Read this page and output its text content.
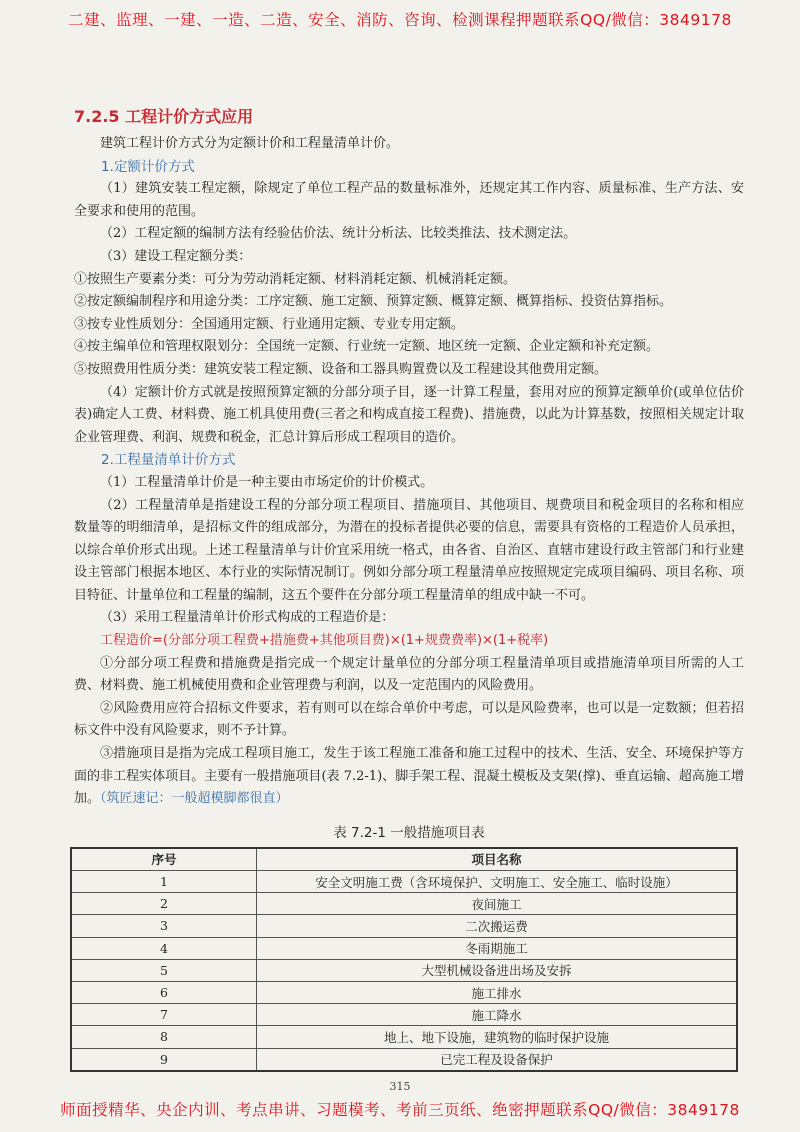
二建、监理、一建、一造、二造、安全、消防、咨询、检测课程押题联系QQ/微信：3849178
7.2.5 工程计价方式应用

建筑工程计价方式分为定额计价和工程量清单计价。

1.定额计价方式

（1）建筑安装工程定额，除规定了单位工程产品的数量标准外，还规定其工作内容、质量标准、生产方法、安全要求和使用的范围。

（2）工程定额的编制方法有经验估价法、统计分析法、比较类推法、技术测定法。

（3）建设工程定额分类：

①按照生产要素分类：可分为劳动消耗定额、材料消耗定额、机械消耗定额。

②按定额编制程序和用途分类：工序定额、施工定额、预算定额、概算定额、概算指标、投资估算指标。

③按专业性质划分：全国通用定额、行业通用定额、专业专用定额。

④按主编单位和管理权限划分：全国统一定额、行业统一定额、地区统一定额、企业定额和补充定额。

⑤按照费用性质分类：建筑安装工程定额、设备和工器具购置费以及工程建设其他费用定额。

（4）定额计价方式就是按照预算定额的分部分项子目，逐一计算工程量，套用对应的预算定额单价(或单位估价表)确定人工费、材料费、施工机具使用费(三者之和构成直接工程费)、措施费，以此为计算基数，按照相关规定计取企业管理费、利润、规费和税金，汇总计算后形成工程项目的造价。

2.工程量清单计价方式

（1）工程量清单计价是一种主要由市场定价的计价模式。

（2）工程量清单是指建设工程的分部分项工程项目、措施项目、其他项目、规费项目和税金项目的名称和相应数量等的明细清单，是招标文件的组成部分，为潜在的投标者提供必要的信息，需要具有资格的工程造价人员承担，以综合单价形式出现。上述工程量清单与计价宜采用统一格式，由各省、自治区、直辖市建设行政主管部门和行业建设主管部门根据本地区、本行业的实际情况制订。例如分部分项工程量清单应按照规定完成项目编码、项目名称、项目特征、计量单位和工程量的编制，这五个要件在分部分项工程量清单的组成中缺一不可。

（3）采用工程量清单计价形式构成的工程造价是：

工程造价=(分部分项工程费+措施费+其他项目费)×(1+规费费率)×(1+税率)

①分部分项工程费和措施费是指完成一个规定计量单位的分部分项工程量清单项目或措施清单项目所需的人工费、材料费、施工机械使用费和企业管理费与利润，以及一定范围内的风险费用。

②风险费用应符合招标文件要求，若有则可以在综合单价中考虑，可以是风险费率，也可以是一定数额；但若招标文件中没有风险要求，则不予计算。

③措施项目是指为完成工程项目施工，发生于该工程施工准备和施工过程中的技术、生活、安全、环境保护等方面的非工程实体项目。主要有一般措施项目(表 7.2-1)、脚手架工程、混凝土模板及支架(撑)、垂直运输、超高施工增加。（筑匠速记：一般超模脚都很直）

表 7.2-1 一般措施项目表
序号	项目名称
1	安全文明施工费（含环境保护、文明施工、安全施工、临时设施）
2	夜间施工
3	二次搬运费
4	冬雨期施工
5	大型机械设备进出场及安拆
6	施工排水
7	施工降水
8	地上、地下设施，建筑物的临时保护设施
9	已完工程及设备保护
315
师面授精华、央企内训、考点串讲、习题模考、考前三页纸、绝密押题联系QQ/微信：3849178
